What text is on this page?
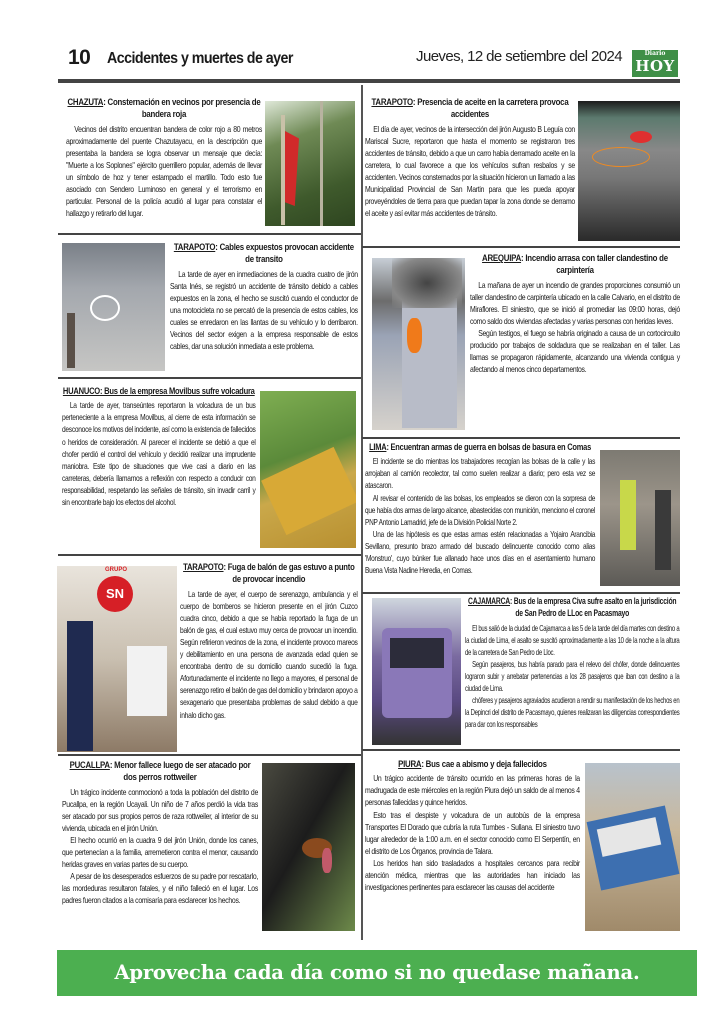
10 Accidentes y muertes de ayer	Jueves, 12 de setiembre del 2024	Diario
HOY
SN
GRUPO
CHAZUTA: Consternación en vecinos por presencia de bandera roja

Vecinos del distrito encuentran bandera de color rojo a 80 metros aproximadamente del puente Chazutayacu, en la descripción que presentaba la bandera se logra observar un mensaje que decía: "Muerte a los Soplones" ejército guerrillero popular, además de llevar un símbolo de hoz y tener estampado el martillo. Todo esto fue asociado con Sendero Luminoso en general y el terrorismo en particular. Personal de la policía acudió al lugar para constatar el hallazgo y retirarlo del lugar.

TARAPOTO: Cables expuestos provocan accidente de transito

La tarde de ayer en inmediaciones de la cuadra cuatro de jirón Santa Inés, se registró un accidente de tránsito debido a cables expuestos en la zona, el hecho se suscitó cuando el conductor de una motocicleta no se percató de la presencia de estos cables, los cuales se enredaron en las llantas de su vehículo y lo derribaron. Vecinos del sector exigen a la empresa responsable de estos cables, dar una solución inmediata a este problema.

HUANUCO: Bus de la empresa Movilbus sufre volcadura

La tarde de ayer, transeúntes reportaron la volcadura de un bus perteneciente a la empresa Movilbus, al cierre de esta información se desconoce los motivos del incidente, así como la existencia de fallecidos o heridos de consideración. Al parecer el incidente se debió a que el chofer perdió el control del vehículo y decidió realizar una imprudente maniobra. Este tipo de situaciones que vive casi a diario en las carreteras, debería llamarnos a reflexión con respecto a conducir con responsabilidad, respetando las señales de tránsito, sin invadir carril y sin encontrarle bajo los efectos del alcohol.

TARAPOTO: Fuga de balón de gas estuvo a punto de provocar incendio

La tarde de ayer, el cuerpo de serenazgo, ambulancia y el cuerpo de bomberos se hicieron presente en el jirón Cuzco cuadra cinco, debido a que se había reportado la fuga de un balón de gas, el cual estuvo muy cerca de provocar un incendio. Según refirieron vecinos de la zona, el incidente provoco mareos y debilitamiento en una persona de avanzada edad quien se encontraba dentro de su domicilio cuando sucedió la fuga. Afortunadamente el incidente no llego a mayores, el personal de serenazgo retiro el balón de gas del domicilio y brindaron apoyo a sexagenario que presentaba problemas de salud debido a que inhalo dicho gas.

PUCALLPA: Menor fallece luego de ser atacado por dos perros rottweiler

Un trágico incidente conmocionó a toda la población del distrito de Pucallpa, en la región Ucayali. Un niño de 7 años perdió la vida tras ser atacado por sus propios perros de raza rottweiler, al interior de su vivienda, ubicada en el jirón Unión.

El hecho ocurrió en la cuadra 9 del jirón Unión, donde los canes, que pertenecían a la familia, arremetieron contra el menor, causando heridas graves en varias partes de su cuerpo.

A pesar de los desesperados esfuerzos de su padre por rescatarlo, las mordeduras resultaron fatales, y el niño falleció en el lugar. Los padres fueron citados a la comisaría para esclarecer los hechos.

TARAPOTO: Presencia de aceite en la carretera provoca accidentes

El día de ayer, vecinos de la intersección del jirón Augusto B Leguía con Mariscal Sucre, reportaron que hasta el momento se registraron tres accidentes de tránsito, debido a que un carro había derramado aceite en la carretera, lo cual favorece a que los vehículos sufran resbalos y se accidenten. Vecinos consternados por la situación hicieron un llamado a las Municipalidad Provincial de San Martin para que les pueda apoyar proveyéndoles de tierra para que puedan tapar la zona donde se derramo el aceite y así evitar más accidentes de tránsito.

AREQUIPA: Incendio arrasa con taller clandestino de carpintería

La mañana de ayer un incendio de grandes proporciones consumió un taller clandestino de carpintería ubicado en la calle Calvario, en el distrito de Miraflores. El siniestro, que se inició al promediar las 09:00 horas, dejó como saldo dos viviendas afectadas y varias personas con heridas leves.

Según testigos, el fuego se habría originado a causa de un cortocircuito producido por trabajos de soldadura que se realizaban en el taller. Las llamas se propagaron rápidamente, alcanzando una vivienda contigua y afectando al menos cinco departamentos.

LIMA: Encuentran armas de guerra en bolsas de basura en Comas

El incidente se dio mientras los trabajadores recogían las bolsas de la calle y las arrojaban al camión recolector, tal como suelen realizar a diario; pero esta vez se atascaron.

Al revisar el contenido de las bolsas, los empleados se dieron con la sorpresa de que había dos armas de largo alcance, abastecidas con munición, menciono el coronel PNP Antonio Lamadrid, jefe de la División Policial Norte 2.

Una de las hipótesis es que estas armas estén relacionadas a Yojairo Arancibia Sevillano, presunto brazo armado del buscado delincuente conocido como alias 'Monstruo', cuyo búnker fue allanado hace unos días en el asentamiento humano Buena Vista Nadine Heredia, en Comas.

CAJAMARCA: Bus de la empresa Civa sufre asalto en la jurisdicción de San Pedro de LLoc en Pacasmayo

El bus salió de la ciudad de Cajamarca a las 5 de la tarde del día martes con destino a la ciudad de Lima, el asalto se suscitó aproximadamente a las 10 de la noche a la altura de la carretera de San Pedro de Lloc.

Según pasajeros, bus habría parado para el relevo del chófer, donde delincuentes lograron subir y arrebatar pertenencias a los 28 pasajeros que iban con destino a la ciudad de Lima.

chóferes y pasajeros agraviados acudieron a rendir su manifestación de los hechos en la Depincri del distrito de Pacasmayo, quienes realizaran las diligencias correspondientes para dar con los responsables

PIURA: Bus cae a abismo y deja fallecidos

Un trágico accidente de tránsito ocurrido en las primeras horas de la madrugada de este miércoles en la región Piura dejó un saldo de al menos 4 personas fallecidas y quince heridos.

Esto tras el despiste y volcadura de un autobús de la empresa Transportes El Dorado que cubría la ruta Tumbes - Sullana. El siniestro tuvo lugar alrededor de la 1:00 a.m. en el sector conocido como El Serpentín, en el distrito de Los Órganos, provincia de Talara.

Los heridos han sido trasladados a hospitales cercanos para recibir atención médica, mientras que las autoridades han iniciado las investigaciones pertinentes para esclarecer las causas del accidente

Aprovecha cada día como si no quedase mañana.
